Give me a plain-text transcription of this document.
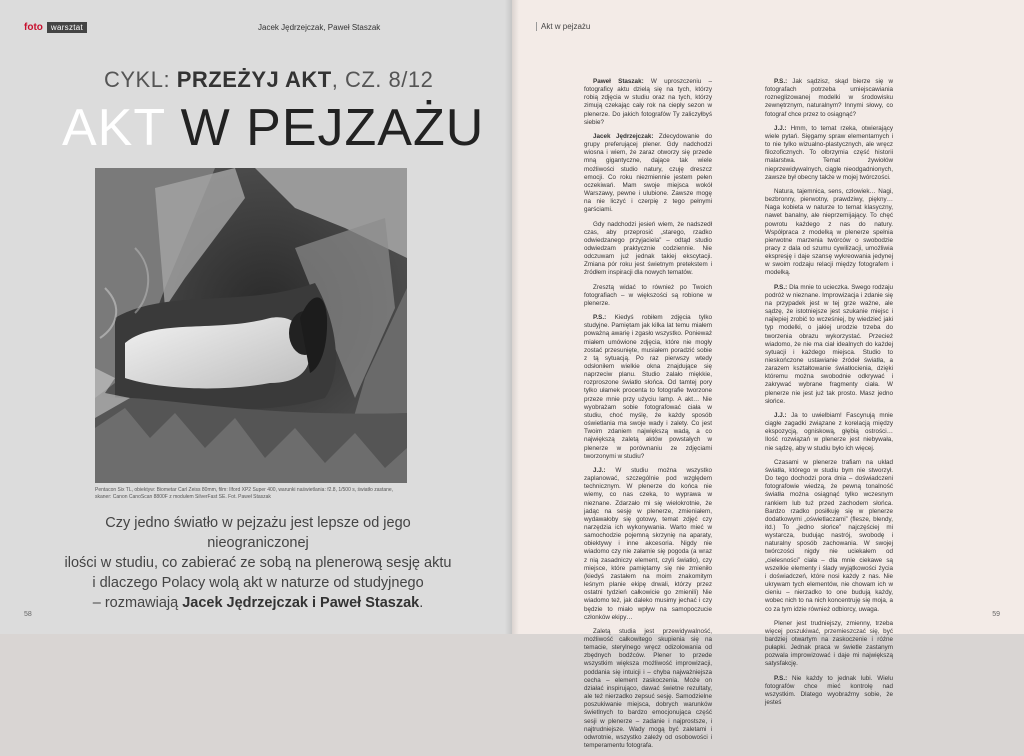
foto	warsztat	Jacek Jędrzejczak, Paweł Staszak
CYKL: PRZEŻYJ AKT, CZ. 8/12
AKT W PEJZAŻU
Pentacon Six TL, obiektyw: Biometar Carl Zeiss 80mm, film: Ilford XP2 Super 400, warunki naświetlania: f2.8, 1/500 s, światło zastane, skaner: Canon CanoScan 8800F z modułem SilverFast SE. Fot. Paweł Staszak
Czy jedno światło w pejzażu jest lepsze od jego nieograniczonej
ilości w studiu, co zabierać ze sobą na plenerową sesję aktu
i dlaczego Polacy wolą akt w naturze od studyjnego
– rozmawiają Jacek Jędrzejczak i Paweł Staszak.
58
Akt w pejzażu

Paweł Staszak: W uproszczeniu – fotograficy aktu dzielą się na tych, którzy robią zdjęcia w studiu oraz na tych, którzy zimują czekając cały rok na ciepły sezon w plenerze. Do jakich fotografów Ty zaliczyłbyś siebie?

Jacek Jędrzejczak: Zdecydowanie do grupy preferującej plener. Gdy nadchodzi wiosna i wiem, że zaraz otworzy się przede mną gigantyczne, dające tak wiele możliwości studio natury, czuję dreszcz emocji. Co roku niezmiennie jestem pełen oczekiwań. Mam swoje miejsca wokół Warszawy, pewne i ulubione. Zawsze mogę na nie liczyć i czerpię z tego pełnymi garściami.

Gdy nadchodzi jesień wiem, że nadszedł czas, aby przeprosić „starego, rzadko odwiedzanego przyjaciela” – odtąd studio odwiedzam praktycznie codziennie. Nie odczuwam już jednak takiej ekscytacji. Zmiana pór roku jest świetnym pretekstem i źródłem inspiracji dla nowych tematów.

Zresztą widać to również po Twoich fotografiach – w większości są robione w plenerze.

P.S.: Kiedyś robiłem zdjęcia tylko studyjne. Pamiętam jak kilka lat temu miałem poważną awarię i zgasło wszystko. Ponieważ miałem umówione zdjęcia, które nie mogły zostać przesunięte, musiałem poradzić sobie z tą sytuacją. Po raz pierwszy wtedy odsłoniłem wielkie okna znajdujące się naprzeciw planu. Studio zalało miękkie, rozproszone światło słońca. Od tamtej pory tylko ułamek procenta to fotografie tworzone przeze mnie przy użyciu lamp. A akt… Nie wyobrażam sobie fotografować ciała w studiu, choć myślę, że każdy sposób oświetlania ma swoje wady i zalety. Co jest Twoim zdaniem największą wadą, a co największą zaletą aktów powstałych w plenerze w porównaniu ze zdjęciami tworzonymi w studiu?

J.J.: W studiu można wszystko zaplanować, szczególnie pod względem technicznym. W plenerze do końca nie wiemy, co nas czeka, to wyprawa w nieznane. Zdarzało mi się wielokrotnie, że jadąc na sesję w plenerze, zmieniałem, wydawałoby się gotowy, temat zdjęć czy narzędzia ich wykonywania. Warto mieć w samochodzie pojemną skrzynię na aparaty, obiektywy i inne akcesoria. Nigdy nie wiadomo czy nie załamie się pogoda (a wraz z nią zasadniczy element, czyli światło), czy miejsce, które pamiętamy się nie zmieniło (kiedyś zastałem na moim znakomitym leśnym planie ekipę drwali, którzy przez ostatni tydzień całkowicie go zmienili) Nie wiadomo też, jak daleko musimy jechać i czy będzie to miało wpływ na samopoczucie członków ekipy…

Zaletą studia jest przewidywalność, możliwość całkowitego skupienia się na temacie, sterylnego wręcz odizolowania od zbędnych bodźców. Plener to przede wszystkim większa możliwość improwizacji, poddania się intuicji i – chyba najważniejsza cecha – element zaskoczenia. Może on działać inspirująco, dawać świetne rezultaty, ale też nierzadko zepsuć sesję. Samodzielne poszukiwanie miejsca, dobrych warunków świetlnych to bardzo emocjonująca część sesji w plenerze – zadanie i najprostsze, i najtrudniejsze. Wady mogą być zaletami i odwrotnie, wszystko zależy od osobowości i temperamentu fotografa.

P.S.: Jak sądzisz, skąd bierze się w fotografach potrzeba umiejscawiania rozneglizowanej modelki w środowisku zewnętrznym, naturalnym? Innymi słowy, co fotograf chce przez to osiągnąć?

J.J.: Hmm, to temat rzeka, otwierający wiele pytań. Sięgamy spraw elementarnych i to nie tylko wizualno-plastycznych, ale wręcz filozoficznych. To olbrzymia część historii malarstwa. Temat żywiołów nieprzewidywalnych, ciągle nieodgadnionych, zawsze był obecny także w mojej twórczości.

Natura, tajemnica, sens, człowiek… Nagi, bezbronny, pierwotny, prawdziwy, piękny… Naga kobieta w naturze to temat klasyczny, nawet banalny, ale nieprzemijający. To chęć powrotu każdego z nas do natury. Współpraca z modelką w plenerze spełnia pierwotne marzenia twórców o swobodzie pracy z dala od szumu cywilizacji, umożliwia ekspresję i daje szansę wykreowania jedynej w swoim rodzaju relacji między fotografem i modelką.

P.S.: Dla mnie to ucieczka. Swego rodzaju podróż w nieznane. Improwizacja i zdanie się na przypadek jest w tej grze ważne, ale sądzę, że istotniejsze jest szukanie miejsc i najlepiej zrobić to wcześniej, by wiedzieć jaki typ modelki, o jakiej urodzie trzeba do tworzenia obrazu wykorzystać. Przecież wiadomo, że nie ma ciał idealnych do każdej sytuacji i każdego miejsca. Studio to nieskończone ustawianie źródeł światła, a zarazem kształtowanie światłocienia, dzięki któremu można swobodnie odkrywać i zakrywać wybrane fragmenty ciała. W plenerze nie jest już tak prosto. Masz jedno słońce.

J.J.: Ja to uwielbiam! Fascynują mnie ciągłe zagadki związane z korelacją między ekspozycją, ogniskową, głębią ostrości… Ilość rozwiązań w plenerze jest niebywała, nie sądzę, aby w studiu było ich więcej.

Czasami w plenerze trafiam na układ światła, którego w studiu bym nie stworzył. Do tego dochodzi pora dnia – doświadczeni fotografowie wiedzą, że pewną tonalność światła można osiągnąć tylko wczesnym rankiem lub tuż przed zachodem słońca. Bardzo rzadko posiłkuję się w plenerze dodatkowymi „oświetlaczami” (flesze, blendy, itd.) To „jedno słońce” najczęściej mi wystarcza, budując nastrój, swobodę i naturalny sposób zachowania. W swojej twórczości nigdy nie uciekałem od „cielesności” ciała – dla mnie ciekawe są wszelkie elementy i ślady wyjątkowości życia i doświadczeń, które nosi każdy z nas. Nie ukrywam tych elementów, nie chowam ich w cieniu – nierzadko to one budują każdy, wobec nich to na nich koncentruję się moja, a co za tym idzie również odbiorcy, uwaga.

Plener jest trudniejszy, zmienny, trzeba więcej poszukiwać, przemieszczać się, być bardziej otwartym na zaskoczenie i różne pułapki. Jednak praca w świetle zastanym pozwala improwizować i daje mi największą satysfakcję.

P.S.: Nie każdy to jednak lubi. Wielu fotografów chce mieć kontrolę nad wszystkim. Dlatego wyobraźmy sobie, że jesteś

59
